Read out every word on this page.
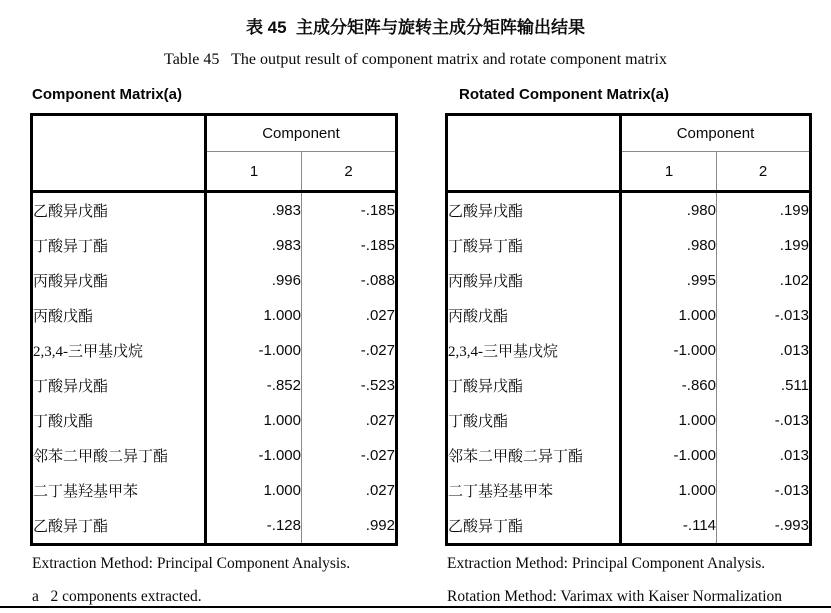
表 45  主成分矩阵与旋转主成分矩阵输出结果
Table 45   The output result of component matrix and rotate component matrix
Component Matrix(a)
	Component	
	1	2
乙酸异戊酯	.983	-.185
丁酸异丁酯	.983	-.185
丙酸异戊酯	.996	-.088
丙酸戊酯	1.000	.027
2,3,4-三甲基戊烷	-1.000	-.027
丁酸异戊酯	-.852	-.523
丁酸戊酯	1.000	.027
邻苯二甲酸二异丁酯	-1.000	-.027
二丁基羟基甲苯	1.000	.027
乙酸异丁酯	-.128	.992
Extraction Method: Principal Component Analysis.
a   2 components extracted.
Rotated Component Matrix(a)
	Component	
	1	2
乙酸异戊酯	.980	.199
丁酸异丁酯	.980	.199
丙酸异戊酯	.995	.102
丙酸戊酯	1.000	-.013
2,3,4-三甲基戊烷	-1.000	.013
丁酸异戊酯	-.860	.511
丁酸戊酯	1.000	-.013
邻苯二甲酸二异丁酯	-1.000	.013
二丁基羟基甲苯	1.000	-.013
乙酸异丁酯	-.114	-.993
Extraction Method: Principal Component Analysis.
Rotation Method: Varimax with Kaiser Normalization
